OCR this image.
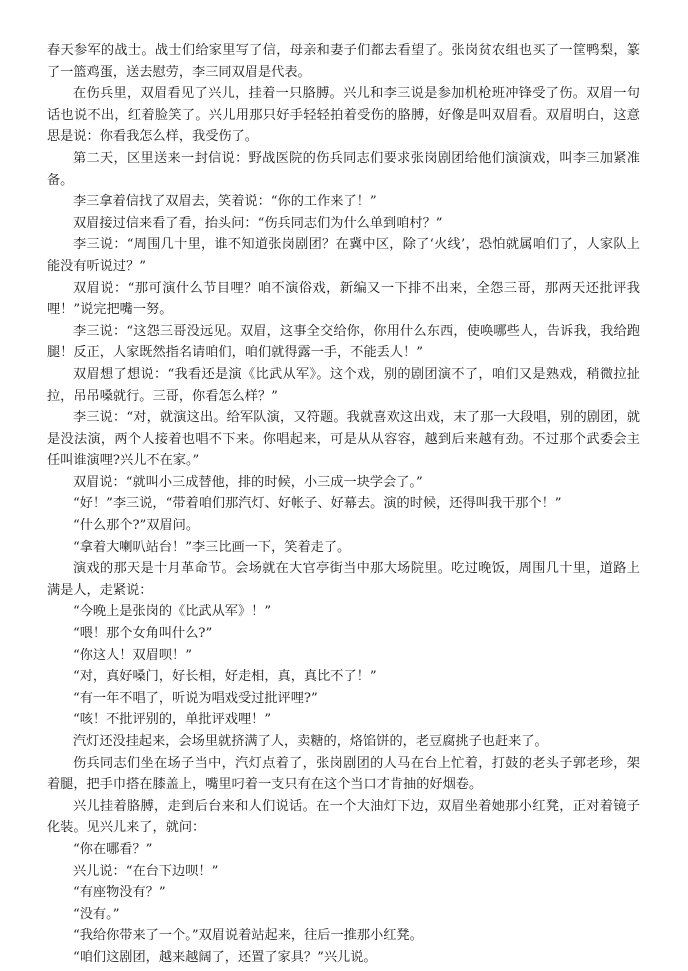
春天参军的战士。战士们给家里写了信，母亲和妻子们都去看望了。张岗贫农组也买了一筐鸭梨，篆了一篮鸡蛋，送去慰劳，李三同双眉是代表。

在伤兵里，双眉看见了兴儿，挂着一只胳膊。兴儿和李三说是参加机枪班冲锋受了伤。双眉一句话也说不出，红着脸笑了。兴儿用那只好手轻轻拍着受伤的胳膊，好像是叫双眉看。双眉明白，这意思是说：你看我怎么样，我受伤了。

第二天，区里送来一封信说：野战医院的伤兵同志们要求张岗剧团给他们演演戏，叫李三加紧准备。

李三拿着信找了双眉去，笑着说：“你的工作来了！”

双眉接过信来看了看，抬头问：“伤兵同志们为什么单到咱村？”

李三说：“周围几十里，谁不知道张岗剧团？在冀中区，除了‘火线’，恐怕就属咱们了，人家队上能没有听说过？”

双眉说：“那可演什么节目哩？咱不演俗戏，新编又一下排不出来，全怨三哥，那两天还批评我哩！”说完把嘴一努。

李三说：“这怨三哥没远见。双眉，这事全交给你，你用什么东西，使唤哪些人，告诉我，我给跑腿！反正，人家既然指名请咱们，咱们就得露一手，不能丢人！”

双眉想了想说：“我看还是演《比武从军》。这个戏，别的剧团演不了，咱们又是熟戏，稍微拉扯拉，吊吊嗓就行。三哥，你看怎么样？”

李三说：“对，就演这出。给军队演，又符题。我就喜欢这出戏，末了那一大段唱，别的剧团，就是没法演，两个人接着也唱不下来。你唱起来，可是从从容容，越到后来越有劲。不过那个武委会主任叫谁演哩?兴儿不在家。”

双眉说：“就叫小三成替他，排的时候，小三成一块学会了。”

“好！”李三说，“带着咱们那汽灯、好帐子、好幕去。演的时候，还得叫我干那个！”

“什么那个?”双眉问。

“拿着大喇叭站台！”李三比画一下，笑着走了。

演戏的那天是十月革命节。会场就在大官亭街当中那大场院里。吃过晚饭，周围几十里，道路上满是人，走紧说：

“今晚上是张岗的《比武从军》！”

“喂！那个女角叫什么?”

“你这人！双眉呗！”

“对，真好嗓门，好长相，好走相，真，真比不了！”

“有一年不唱了，听说为唱戏受过批评哩?”

“咳！不批评别的，单批评戏哩！”

汽灯还没挂起来，会场里就挤满了人，卖糖的，烙馅饼的，老豆腐挑子也赶来了。

伤兵同志们坐在场子当中，汽灯点着了，张岗剧团的人马在台上忙着，打鼓的老头子郭老珍，架着腿，把手巾搭在膝盖上，嘴里叼着一支只有在这个当口才肯抽的好烟卷。

兴儿挂着胳膊，走到后台来和人们说话。在一个大油灯下边，双眉坐着她那小红凳，正对着镜子化装。见兴儿来了，就问：

“你在哪看？”

兴儿说：“在台下边呗！”

“有座物没有？”

“没有。”

“我给你带来了一个。”双眉说着站起来，往后一推那小红凳。

“咱们这剧团，越来越阔了，还置了家具？”兴儿说。
